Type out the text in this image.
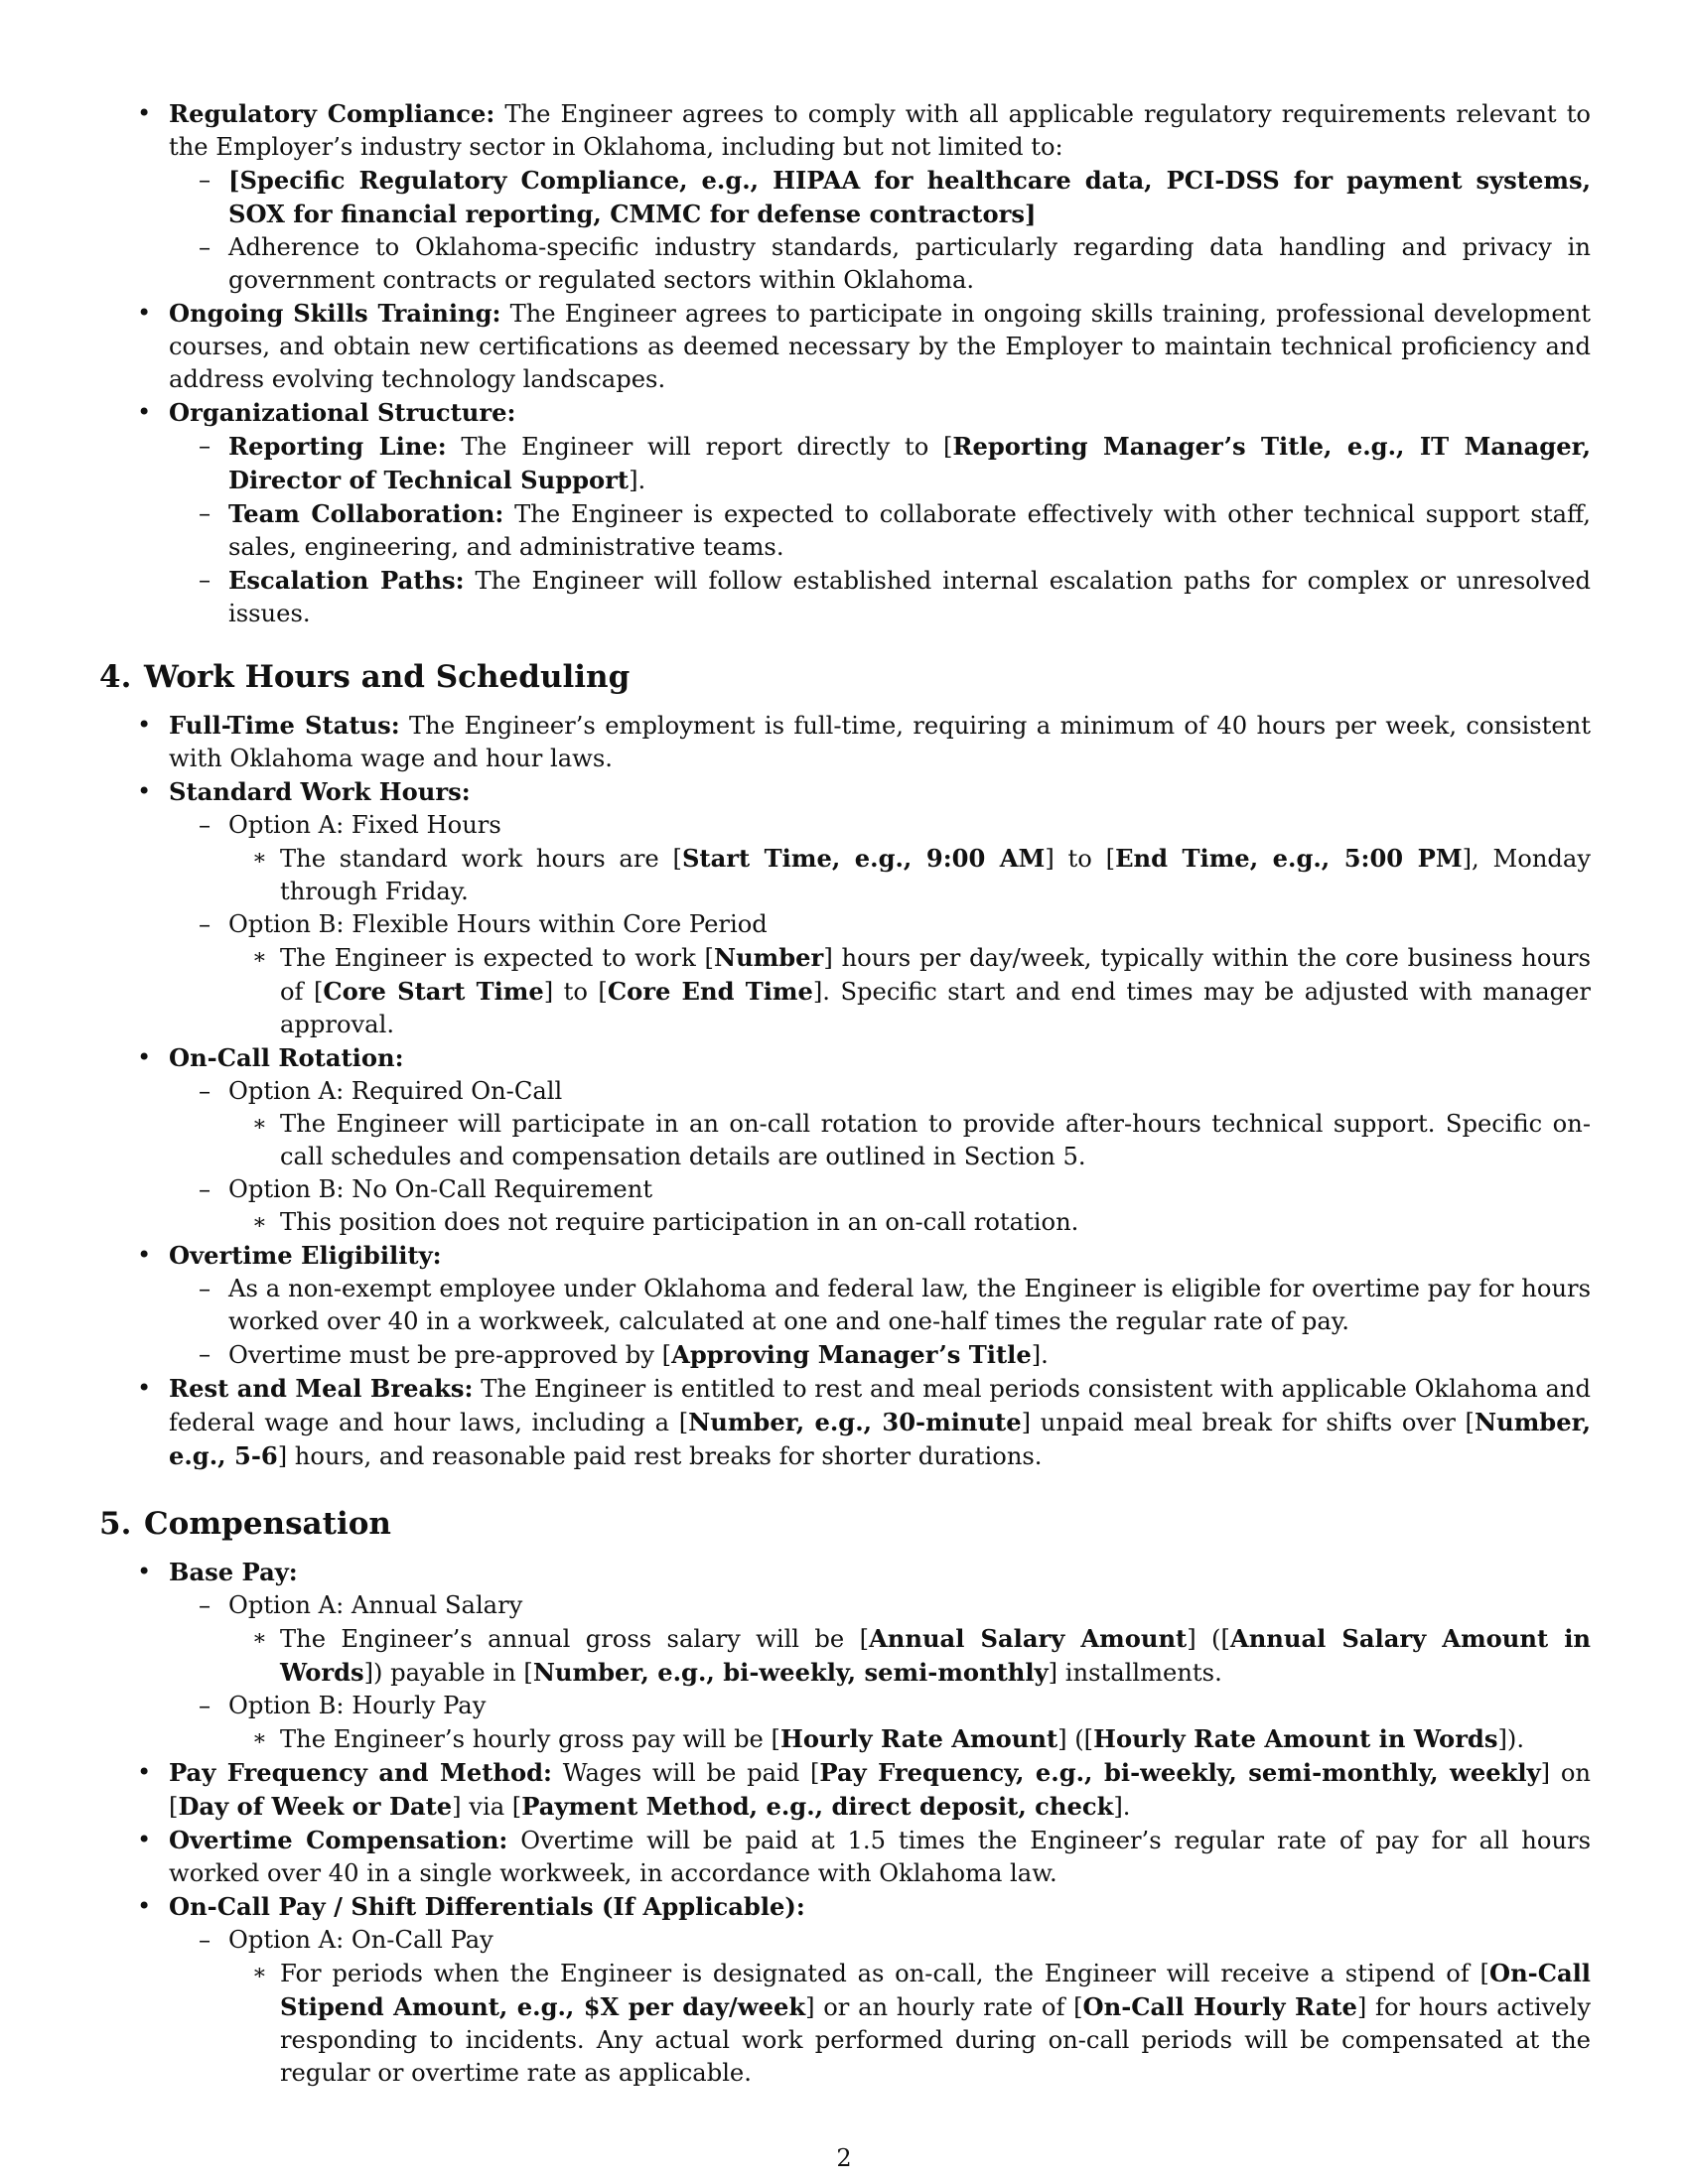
• Regulatory Compliance: The Engineer agrees to comply with all applicable regulatory requirements relevant to the Employer’s industry sector in Oklahoma, including but not limited to:
– [Specific Regulatory Compliance, e.g., HIPAA for healthcare data, PCI-DSS for payment systems, SOX for financial reporting, CMMC for defense contractors]
– Adherence to Oklahoma-specific industry standards, particularly regarding data handling and privacy in government contracts or regulated sectors within Oklahoma.
• Ongoing Skills Training: The Engineer agrees to participate in ongoing skills training, professional development courses, and obtain new certifications as deemed necessary by the Employer to maintain technical proficiency and address evolving technology landscapes.
• Organizational Structure:
– Reporting Line: The Engineer will report directly to [Reporting Manager’s Title, e.g., IT Manager, Director of Technical Support].
– Team Collaboration: The Engineer is expected to collaborate effectively with other technical support staff, sales, engineering, and administrative teams.
– Escalation Paths: The Engineer will follow established internal escalation paths for complex or unresolved issues.
4. Work Hours and Scheduling
• Full-Time Status: The Engineer’s employment is full-time, requiring a minimum of 40 hours per week, consistent with Oklahoma wage and hour laws.
• Standard Work Hours:
– Option A: Fixed Hours
∗ The standard work hours are [Start Time, e.g., 9:00 AM] to [End Time, e.g., 5:00 PM], Monday through Friday.
– Option B: Flexible Hours within Core Period
∗ The Engineer is expected to work [Number] hours per day/week, typically within the core business hours of [Core Start Time] to [Core End Time]. Specific start and end times may be adjusted with manager approval.
• On-Call Rotation:
– Option A: Required On-Call
∗ The Engineer will participate in an on-call rotation to provide after-hours technical support. Specific on-call schedules and compensation details are outlined in Section 5.
– Option B: No On-Call Requirement
∗ This position does not require participation in an on-call rotation.
• Overtime Eligibility:
– As a non-exempt employee under Oklahoma and federal law, the Engineer is eligible for overtime pay for hours worked over 40 in a workweek, calculated at one and one-half times the regular rate of pay.
– Overtime must be pre-approved by [Approving Manager’s Title].
• Rest and Meal Breaks: The Engineer is entitled to rest and meal periods consistent with applicable Oklahoma and federal wage and hour laws, including a [Number, e.g., 30-minute] unpaid meal break for shifts over [Number, e.g., 5-6] hours, and reasonable paid rest breaks for shorter durations.
5. Compensation
• Base Pay:
– Option A: Annual Salary
∗ The Engineer’s annual gross salary will be [Annual Salary Amount] ([Annual Salary Amount in Words]) payable in [Number, e.g., bi-weekly, semi-monthly] installments.
– Option B: Hourly Pay
∗ The Engineer’s hourly gross pay will be [Hourly Rate Amount] ([Hourly Rate Amount in Words]).
• Pay Frequency and Method: Wages will be paid [Pay Frequency, e.g., bi-weekly, semi-monthly, weekly] on [Day of Week or Date] via [Payment Method, e.g., direct deposit, check].
• Overtime Compensation: Overtime will be paid at 1.5 times the Engineer’s regular rate of pay for all hours worked over 40 in a single workweek, in accordance with Oklahoma law.
• On-Call Pay / Shift Differentials (If Applicable):
– Option A: On-Call Pay
∗ For periods when the Engineer is designated as on-call, the Engineer will receive a stipend of [On-Call Stipend Amount, e.g., $X per day/week] or an hourly rate of [On-Call Hourly Rate] for hours actively responding to incidents. Any actual work performed during on-call periods will be compensated at the regular or overtime rate as applicable.
2
